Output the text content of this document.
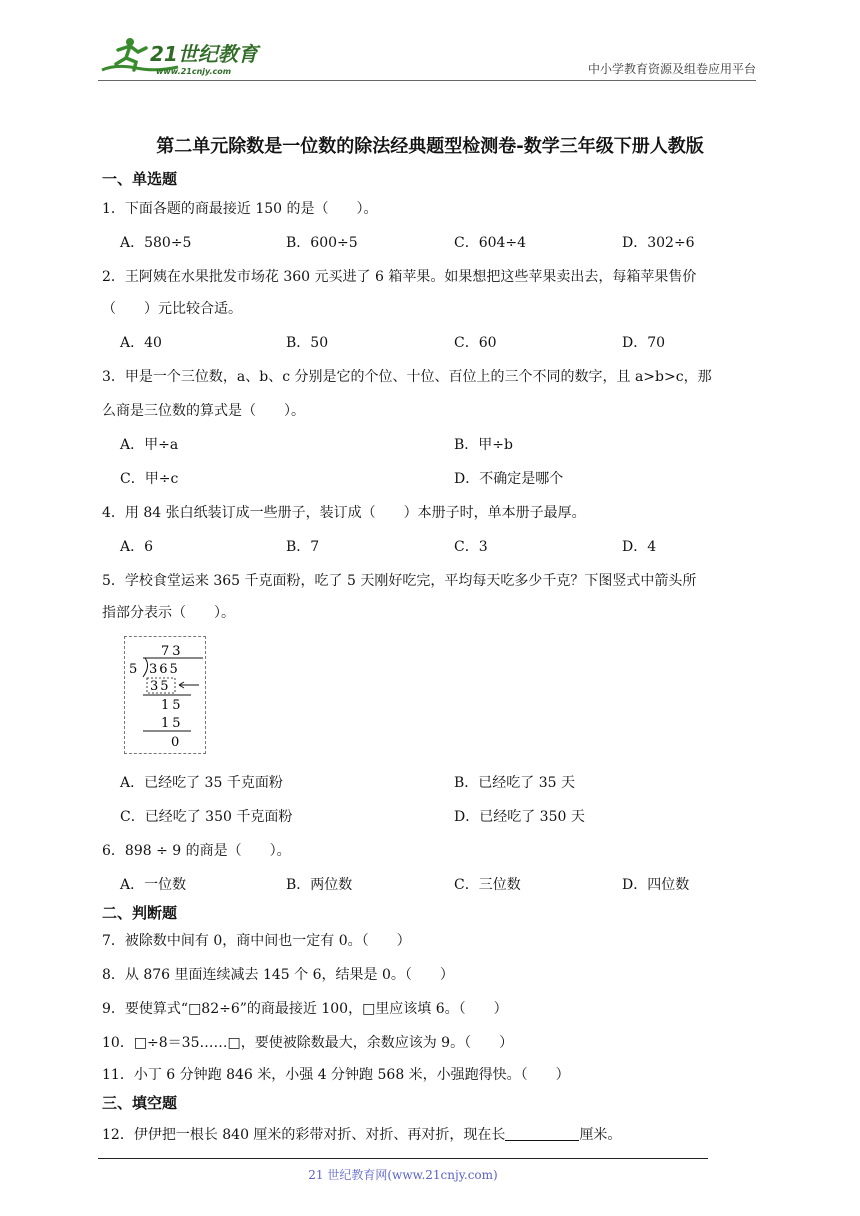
21世纪教育
www.21cnjy.com	中小学教育资源及组卷应用平台
第二单元除数是一位数的除法经典题型检测卷-数学三年级下册人教版
一、单选题
1．下面各题的商最接近 150 的是（　　）。
A．580÷5	B．600÷5	C．604÷4	D．302÷6
2．王阿姨在水果批发市场花 360 元买进了 6 箱苹果。如果想把这些苹果卖出去，每箱苹果售价
（　　）元比较合适。
A．40	B．50	C．60	D．70
3．甲是一个三位数，a、b、c 分别是它的个位、十位、百位上的三个不同的数字，且 a>b>c，那
么商是三位数的算式是（　　）。
A．甲÷a	B．甲÷b
C．甲÷c	D．不确定是哪个
4．用 84 张白纸装订成一些册子，装订成（　　）本册子时，单本册子最厚。
A．6	B．7	C．3	D．4
5．学校食堂运来 365 千克面粉，吃了 5 天刚好吃完，平均每天吃多少千克？下图竖式中箭头所
指部分表示（　　）。
73
5 365
35
15
15
0
A．已经吃了 35 千克面粉	B．已经吃了 35 天
C．已经吃了 350 千克面粉	D．已经吃了 350 天
6．898 ÷ 9 的商是（　　）。
A．一位数	B．两位数	C．三位数	D．四位数
二、判断题
7．被除数中间有 0，商中间也一定有 0。（　　）
8．从 876 里面连续减去 145 个 6，结果是 0。（　　）
9．要使算式“□82÷6”的商最接近 100，□里应该填 6。（　　）
10．□÷8＝35……□，要使被除数最大，余数应该为 9。（　　）
11．小丁 6 分钟跑 846 米，小强 4 分钟跑 568 米，小强跑得快。（　　）
三、填空题
12．伊伊把一根长 840 厘米的彩带对折、对折、再对折，现在长	厘米。
21 世纪教育网(www.21cnjy.com)
